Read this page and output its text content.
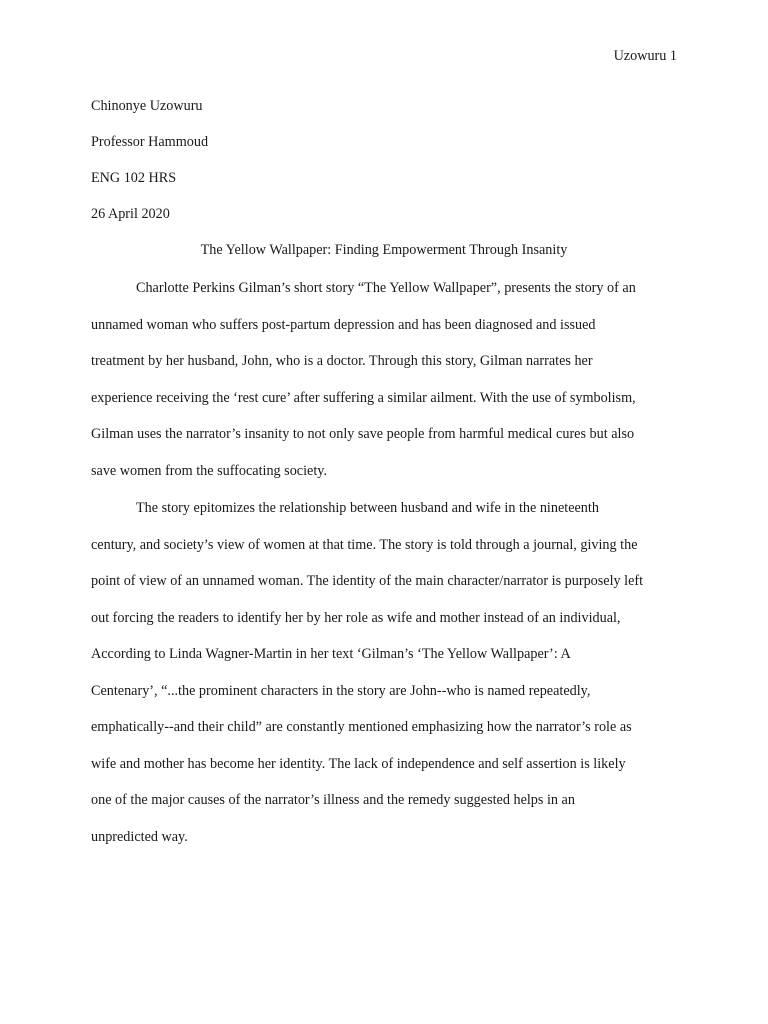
Uzowuru 1
Chinonye Uzowuru
Professor Hammoud
ENG 102 HRS
26 April 2020
The Yellow Wallpaper: Finding Empowerment Through Insanity
Charlotte Perkins Gilman’s short story “The Yellow Wallpaper”, presents the story of an
unnamed woman who suffers post-partum depression and has been diagnosed and issued
treatment by her husband, John, who is a doctor. Through this story, Gilman narrates her
experience receiving the ‘rest cure’ after suffering a similar ailment. With the use of symbolism,
Gilman uses the narrator’s insanity to not only save people from harmful medical cures but also
save women from the suffocating society.
The story epitomizes the relationship between husband and wife in the nineteenth
century, and society’s view of women at that time. The story is told through a journal, giving the
point of view of an unnamed woman. The identity of the main character/narrator is purposely left
out forcing the readers to identify her by her role as wife and mother instead of an individual,
According to Linda Wagner-Martin in her text ‘Gilman’s ‘The Yellow Wallpaper’: A
Centenary’, “...the prominent characters in the story are John--who is named repeatedly,
emphatically--and their child” are constantly mentioned emphasizing how the narrator’s role as
wife and mother has become her identity. The lack of independence and self assertion is likely
one of the major causes of the narrator’s illness and the remedy suggested helps in an
unpredicted way.
